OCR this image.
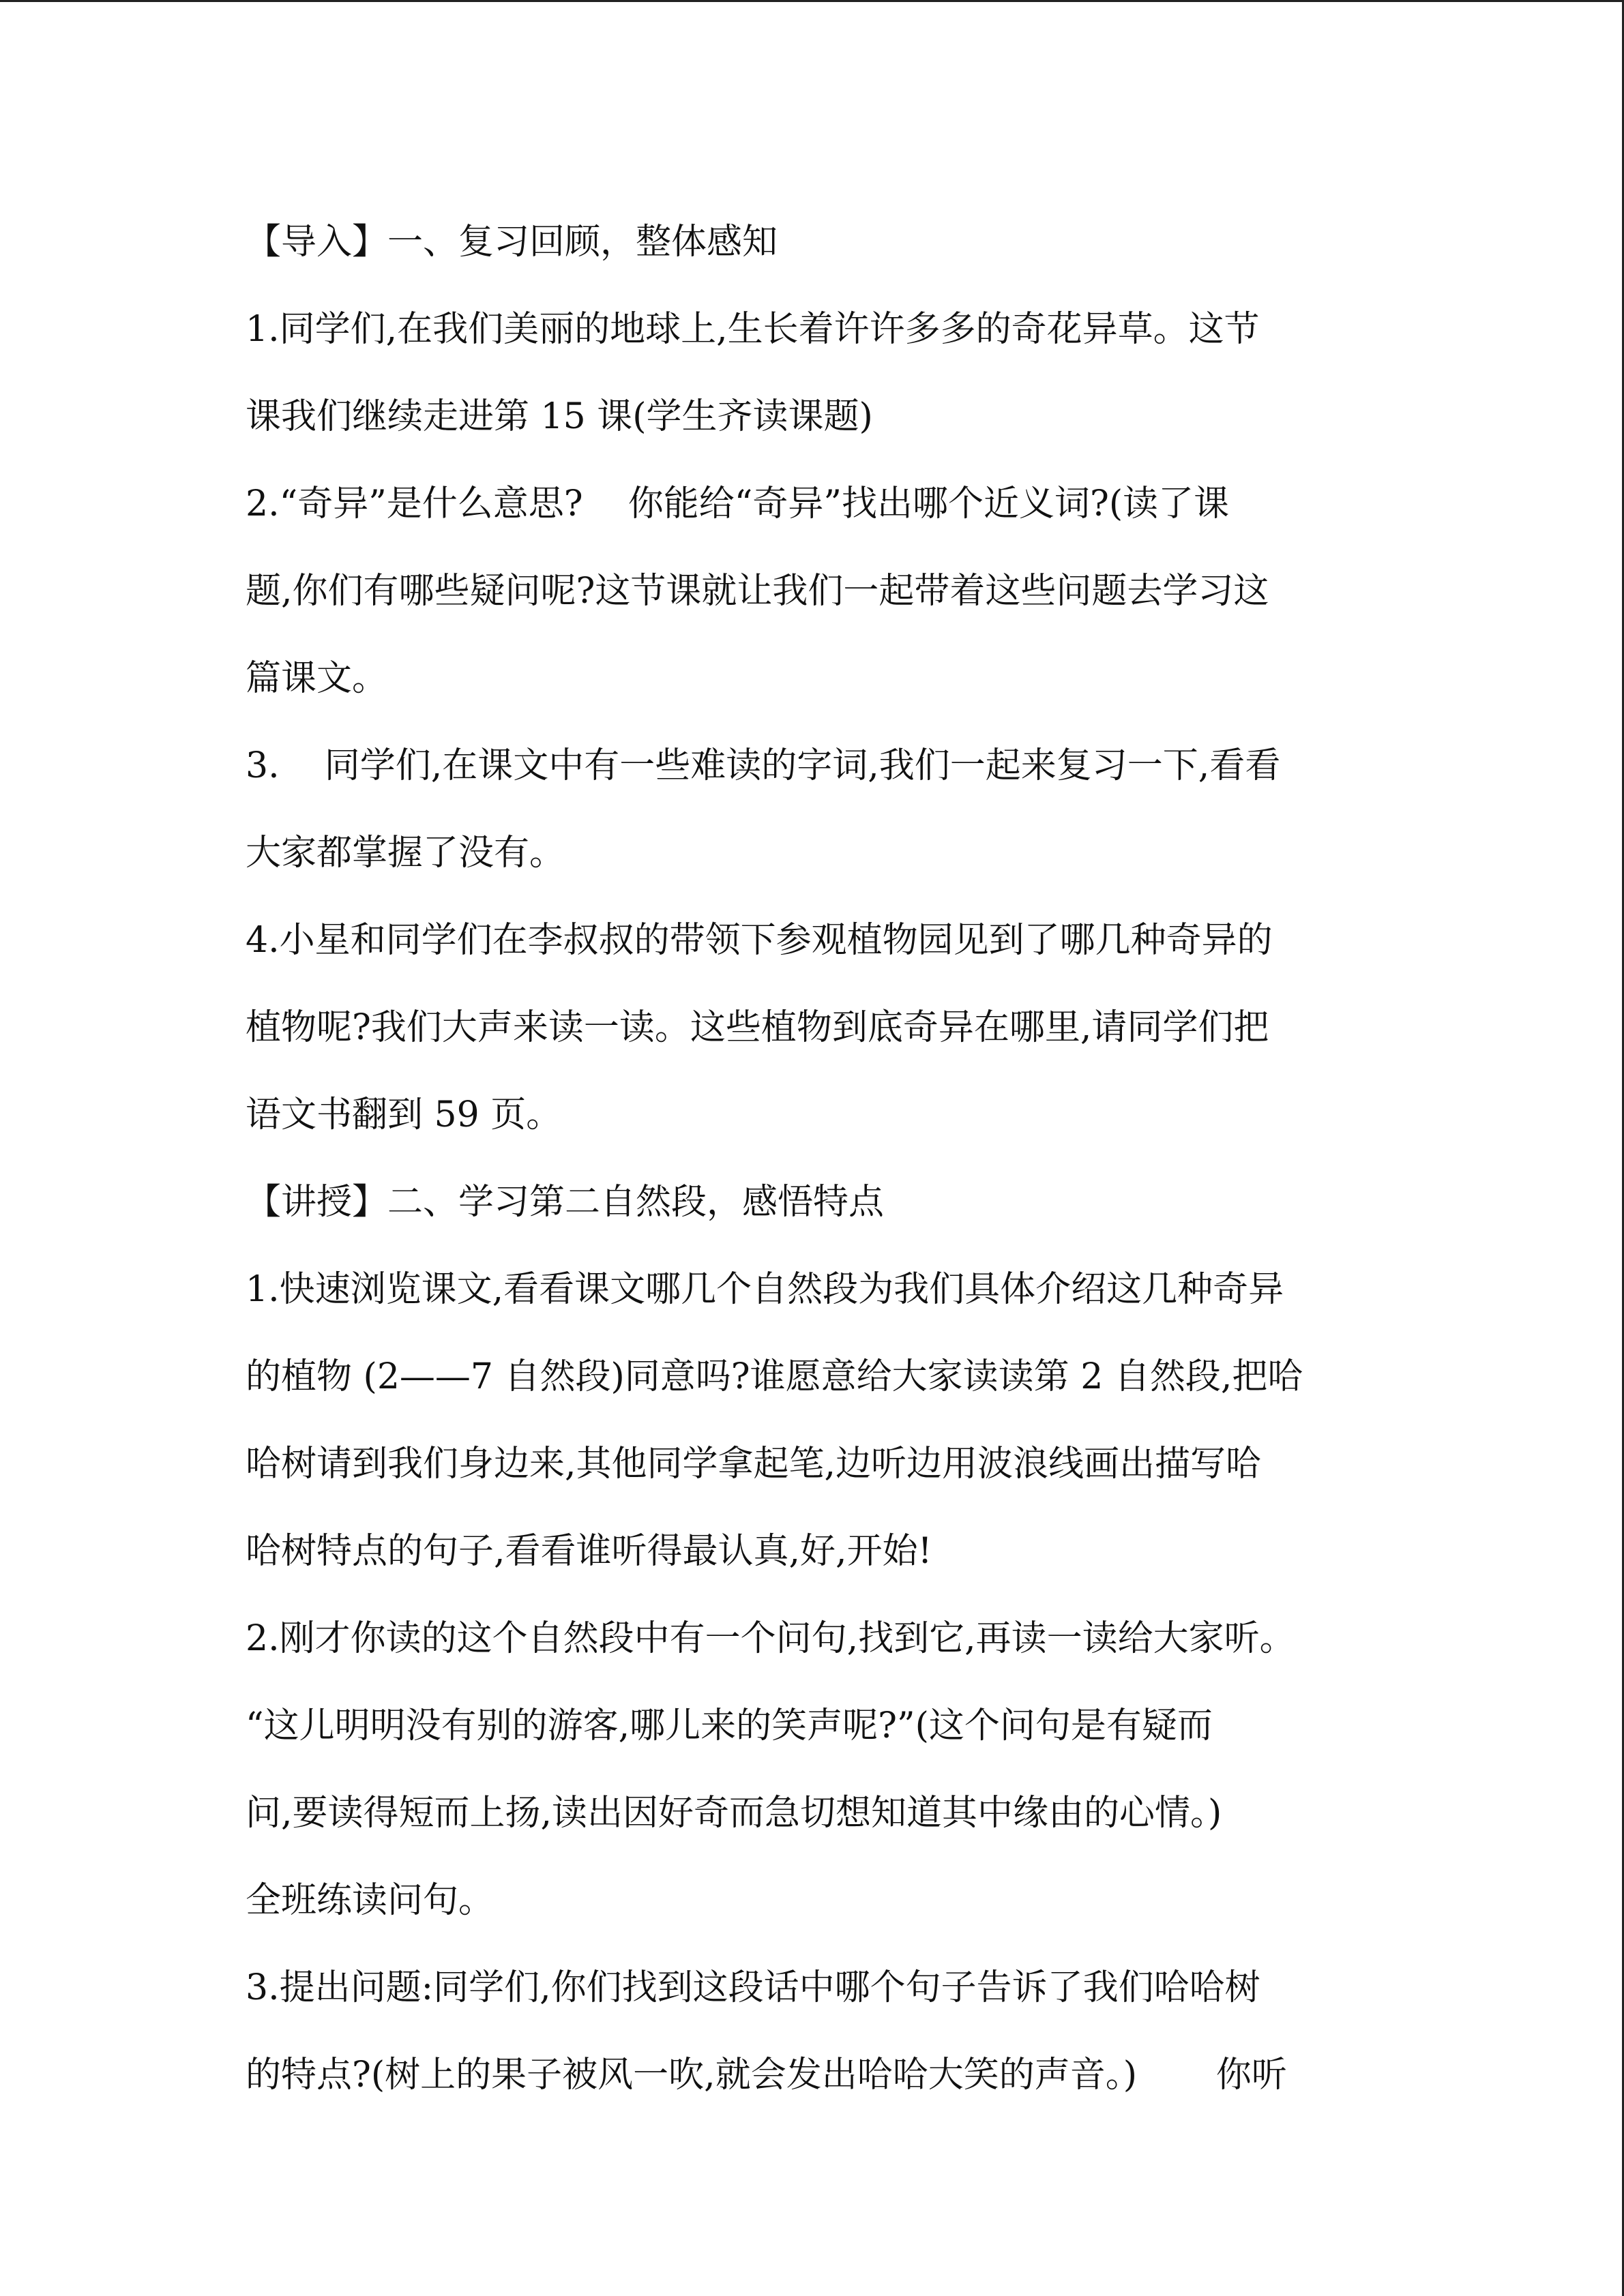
【导入】一、复习回顾，整体感知
1.同学们,在我们美丽的地球上,生长着许许多多的奇花异草。这节
课我们继续走进第 15 课(学生齐读课题)
2.“奇异”是什么意思?    你能给“奇异”找出哪个近义词?(读了课
题,你们有哪些疑问呢?这节课就让我们一起带着这些问题去学习这
篇课文。
3.    同学们,在课文中有一些难读的字词,我们一起来复习一下,看看
大家都掌握了没有。
4.小星和同学们在李叔叔的带领下参观植物园见到了哪几种奇异的
植物呢?我们大声来读一读。这些植物到底奇异在哪里,请同学们把
语文书翻到 59 页。
【讲授】二、学习第二自然段，感悟特点
1.快速浏览课文,看看课文哪几个自然段为我们具体介绍这几种奇异
的植物 (2——7 自然段)同意吗?谁愿意给大家读读第 2 自然段,把哈
哈树请到我们身边来,其他同学拿起笔,边听边用波浪线画出描写哈
哈树特点的句子,看看谁听得最认真,好,开始!
2.刚才你读的这个自然段中有一个问句,找到它,再读一读给大家听。
“这儿明明没有别的游客,哪儿来的笑声呢?”(这个问句是有疑而
问,要读得短而上扬,读出因好奇而急切想知道其中缘由的心情。)
全班练读问句。
3.提出问题:同学们,你们找到这段话中哪个句子告诉了我们哈哈树
的特点?(树上的果子被风一吹,就会发出哈哈大笑的声音。)       你听
